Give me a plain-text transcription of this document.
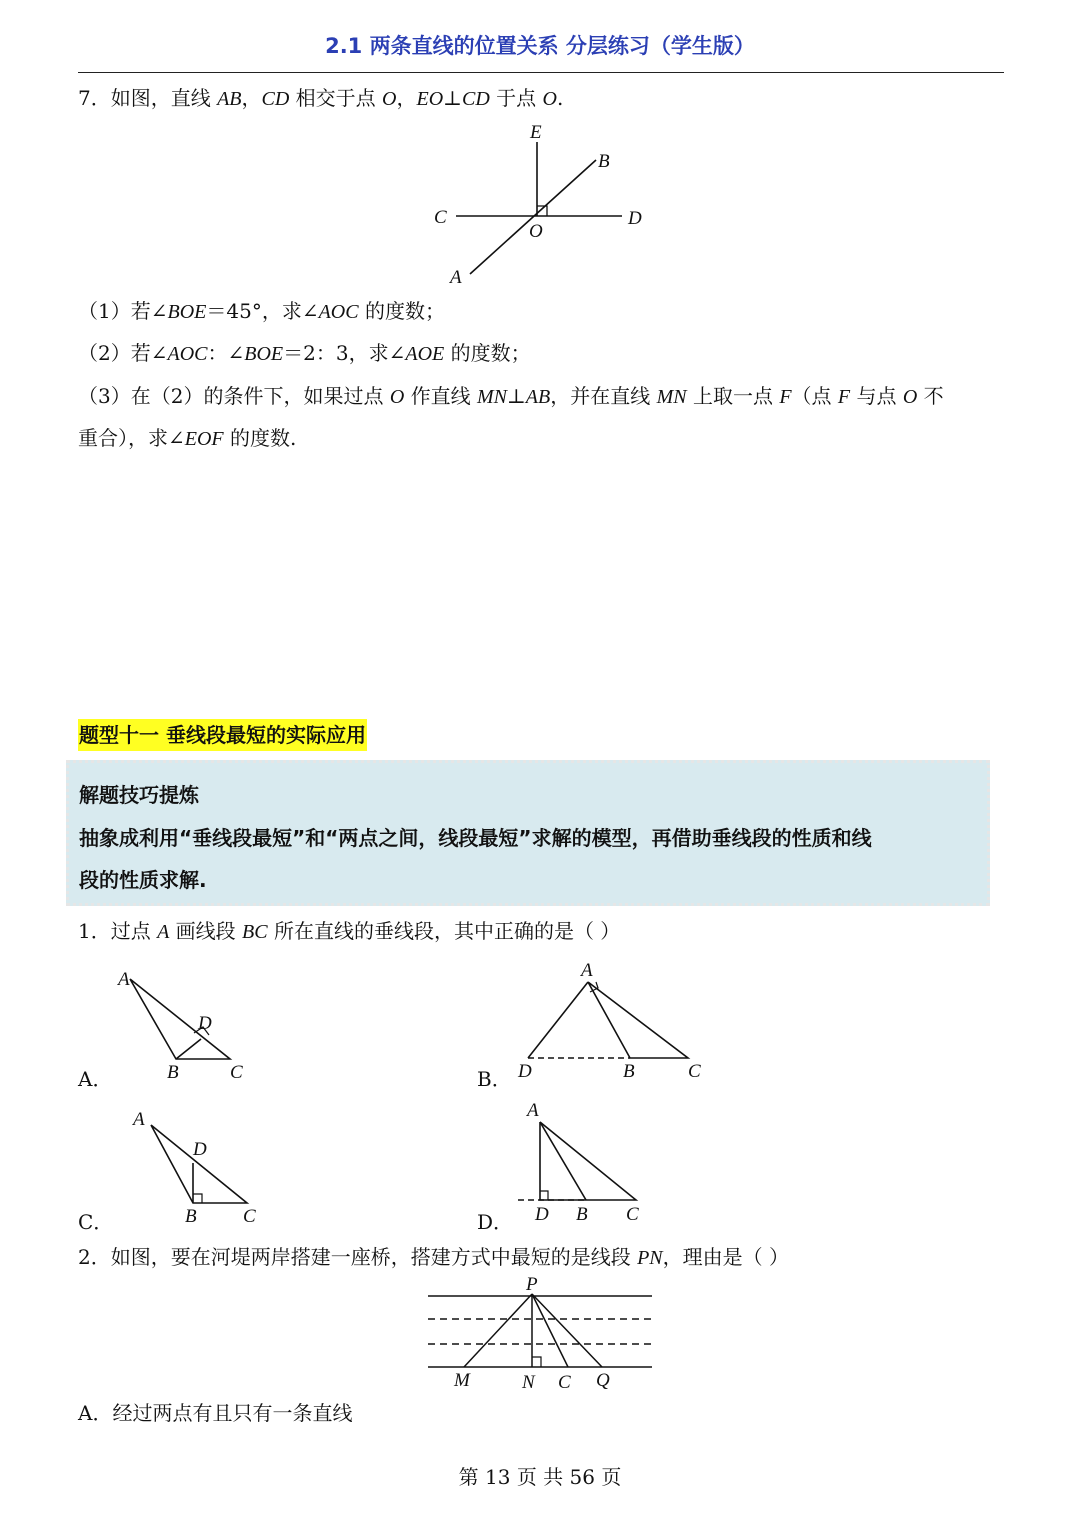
2.1 两条直线的位置关系 分层练习（学生版）
7．如图，直线 AB，CD 相交于点 O，EO⊥CD 于点 O.
E
B
C
O
D
A
（1）若∠BOE＝45°，求∠AOC 的度数；
（2）若∠AOC：∠BOE＝2：3，求∠AOE 的度数；
（3）在（2）的条件下，如果过点 O 作直线 MN⊥AB，并在直线 MN 上取一点 F（点 F 与点 O 不
重合），求∠EOF 的度数.
题型十一 垂线段最短的实际应用
解题技巧提炼
抽象成利用“垂线段最短”和“两点之间，线段最短”求解的模型，再借助垂线段的性质和线
段的性质求解.
1．过点 A 画线段 BC 所在直线的垂线段，其中正确的是（ ）
A．
A
D
B	C	B．
A
D	B	C
C．
A
D
B C	D．
A
D B C
2．如图，要在河堤两岸搭建一座桥，搭建方式中最短的是线段 PN，理由是（ ）
P
M	N C Q
A．经过两点有且只有一条直线
第 13 页 共 56 页
